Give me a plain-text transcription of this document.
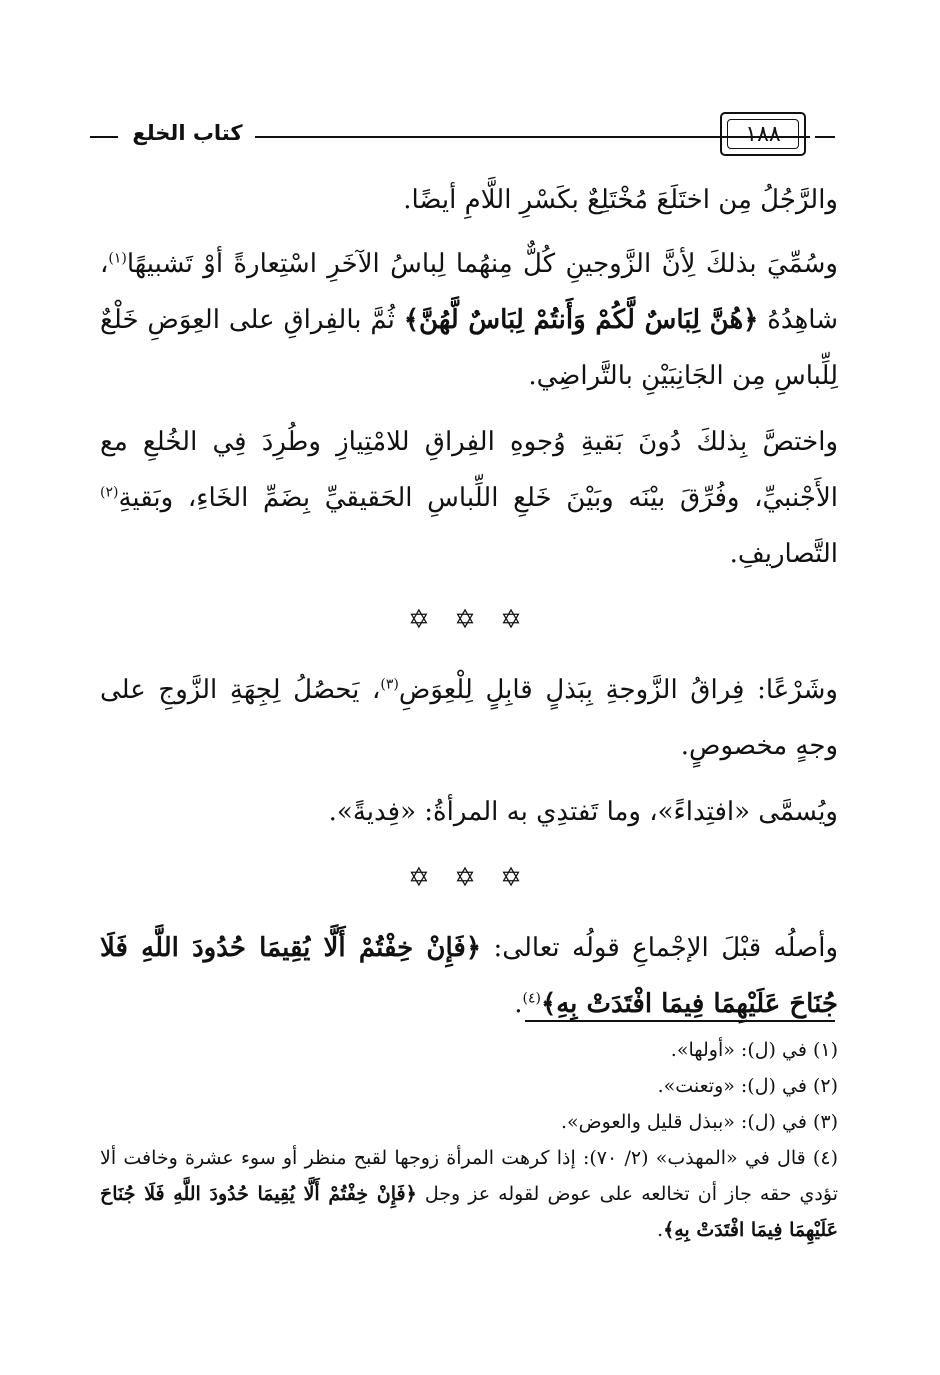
كتاب الخلع	١٨٨

والرَّجُلُ مِن اختَلَعَ مُخْتَلِعٌ بكَسْرِ اللَّامِ أيضًا.

وسُمِّيَ بذلكَ لِأنَّ الزَّوجينِ كُلٌّ مِنهُما لِباسُ الآخَرِ اسْتِعارةً أوْ تَشبيهًا$^{(١)}$، شاهِدُهُ ﴿هُنَّ لِبَاسٌ لَّكُمْ وَأَنتُمْ لِبَاسٌ لَّهُنَّ﴾ ثُمَّ بالفِراقِ على العِوَضِ خَلْعٌ لِلِّباسِ مِن الجَانِبَيْنِ بالتَّراضِي.

واختصَّ بِذلكَ دُونَ بَقيةِ وُجوهِ الفِراقِ للامْتِيازِ وطُرِدَ فِي الخُلعِ مع الأَجْنبيِّ، وفُرِّقَ بيْنَه وبَيْنَ خَلعِ اللِّباسِ الحَقيقيِّ بِضَمِّ الخَاءِ، وبَقيةِ$^{(٢)}$ التَّصاريفِ.

✡ ✡ ✡

وشَرْعًا: فِراقُ الزَّوجةِ بِبَذلٍ قابِلٍ لِلْعِوَضِ$^{(٣)}$، يَحصُلُ لِجِهَةِ الزَّوجِ على وجهٍ مخصوصٍ.

ويُسمَّى «افتِداءً»، وما تَفتدِي به المرأةُ: «فِديةً».

✡ ✡ ✡

وأصلُه قبْلَ الإجْماعِ قولُه تعالى: ﴿فَإِنْ خِفْتُمْ أَلَّا يُقِيمَا حُدُودَ اللَّهِ فَلَا جُنَاحَ عَلَيْهِمَا فِيمَا افْتَدَتْ بِهِ﴾$^{(٤)}$.

(١) في (ل): «أولها».

(٢) في (ل): «وتعنت».

(٣) في (ل): «ببذل قليل والعوض».

(٤) قال في «المهذب» (٢/ ٧٠): إذا كرهت المرأة زوجها لقبح منظر أو سوء عشرة وخافت ألا تؤدي حقه جاز أن تخالعه على عوض لقوله عز وجل ﴿فَإِنْ خِفْتُمْ أَلَّا يُقِيمَا حُدُودَ اللَّهِ فَلَا جُنَاحَ عَلَيْهِمَا فِيمَا افْتَدَتْ بِهِ﴾.
